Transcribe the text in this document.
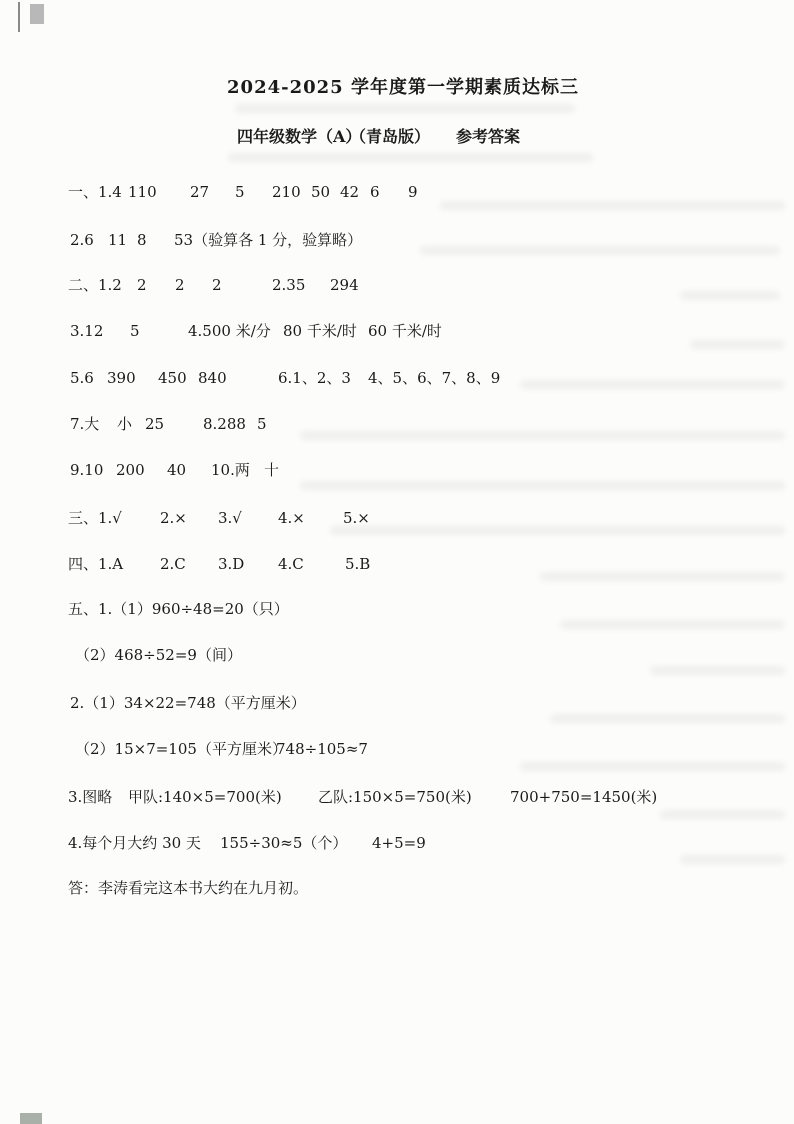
2024-2025 学年度第一学期素质达标三
四年级数学（A）
（青岛版） 参考答案
一、1.4 110 27 5 210 50 42 6 9
2.6 11 8 53（验算各 1 分，验算略）
二、1.2 2 2 2	2.35 294
3.12 5	4.500 米/分 80 千米/时 60 千米/时
5.6 390 450 840	6.1、2、3 4、5、6、7、8、9
7.大 小 25	8.288 5
9.10 200 40 10.两 十
三、1.√	2.× 3.√ 4.×	5.×
四、1.A 2.C 3.D 4.C	5.B
五、1.（1）960÷48=20（只）
（2）468÷52=9（间）
2.（1）34×22=748（平方厘米）
（2）15×7=105（平方厘米）
748÷105≈7
3.图略 甲队:140×5=700(米) 乙队:150×5=750(米)	700+750=1450(米)
4.每个月大约 30 天 155÷30≈5（个） 4+5=9
答：李涛看完这本书大约在九月初。
